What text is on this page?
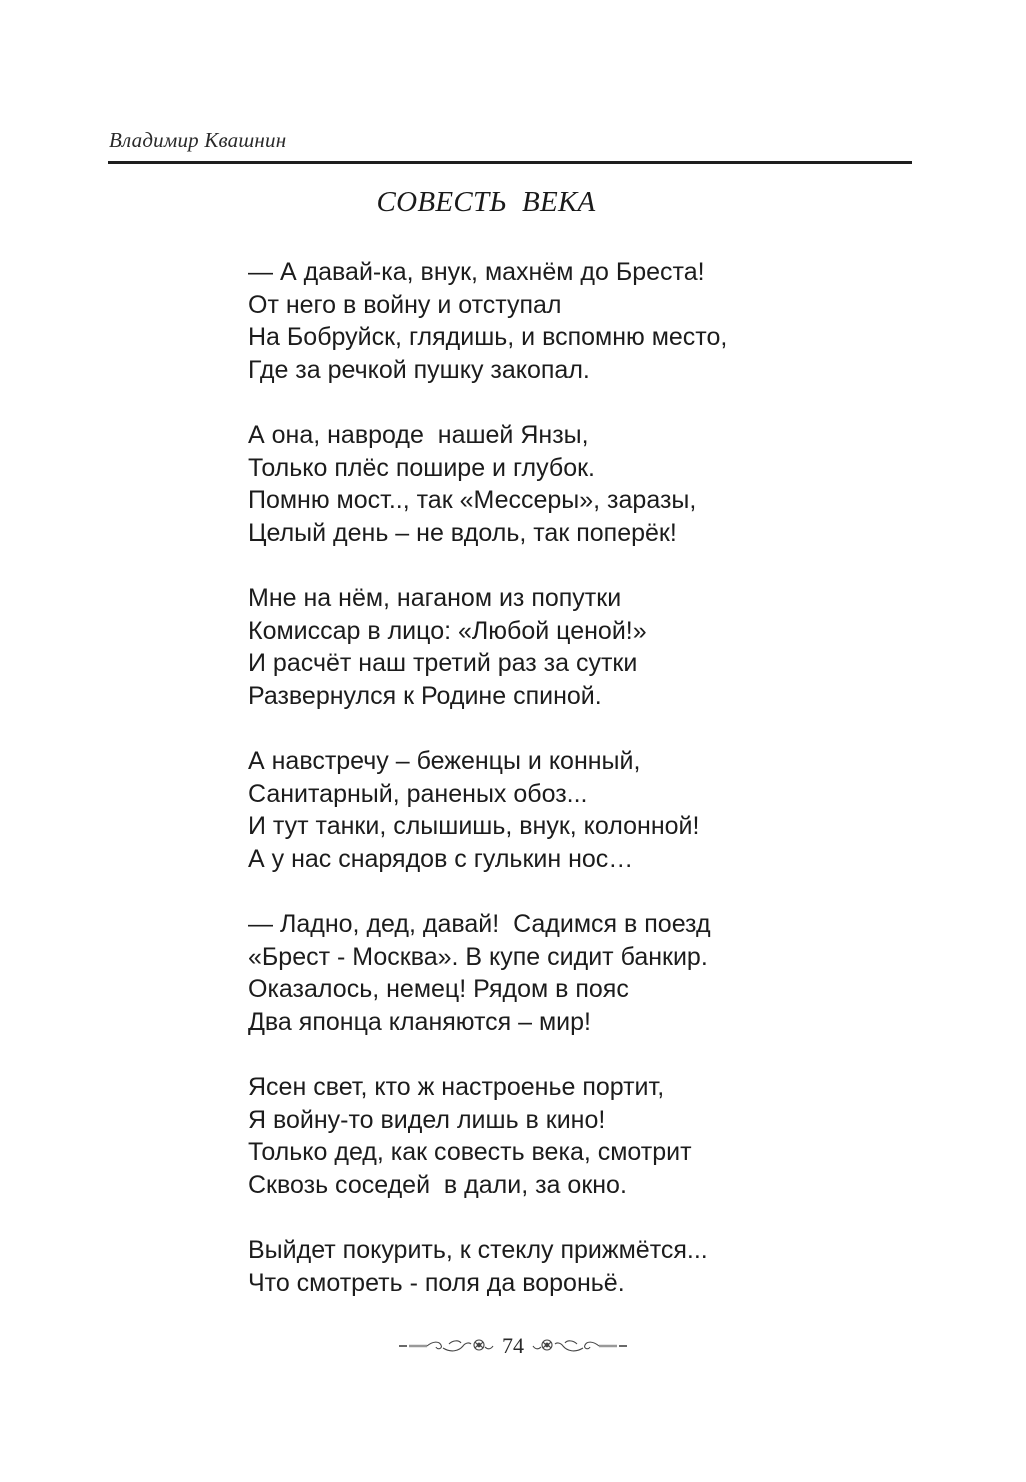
Владимир Квашнин
СОВЕСТЬ  ВЕКА
— А давай-ка, внук, махнём до Бреста!
От него в войну и отступал
На Бобруйск, глядишь, и вспомню место,
Где за речкой пушку закопал.
А она, навроде  нашей Янзы,
Только плёс пошире и глубок.
Помню мост.., так «Мессеры», заразы,
Целый день – не вдоль, так поперёк!
Мне на нём, наганом из попутки
Комиссар в лицо: «Любой ценой!»
И расчёт наш третий раз за сутки
Развернулся к Родине спиной.
А навстречу – беженцы и конный,
Санитарный, раненых обоз...
И тут танки, слышишь, внук, колонной!
А у нас снарядов с гулькин нос…
— Ладно, дед, давай!  Садимся в поезд
«Брест - Москва». В купе сидит банкир.
Оказалось, немец! Рядом в пояс
Два японца кланяются – мир!
Ясен свет, кто ж настроенье портит,
Я войну-то видел лишь в кино!
Только дед, как совесть века, смотрит
Сквозь соседей  в дали, за окно.
Выйдет покурить, к стеклу прижмётся...
Что смотреть - поля да вороньё.
74
